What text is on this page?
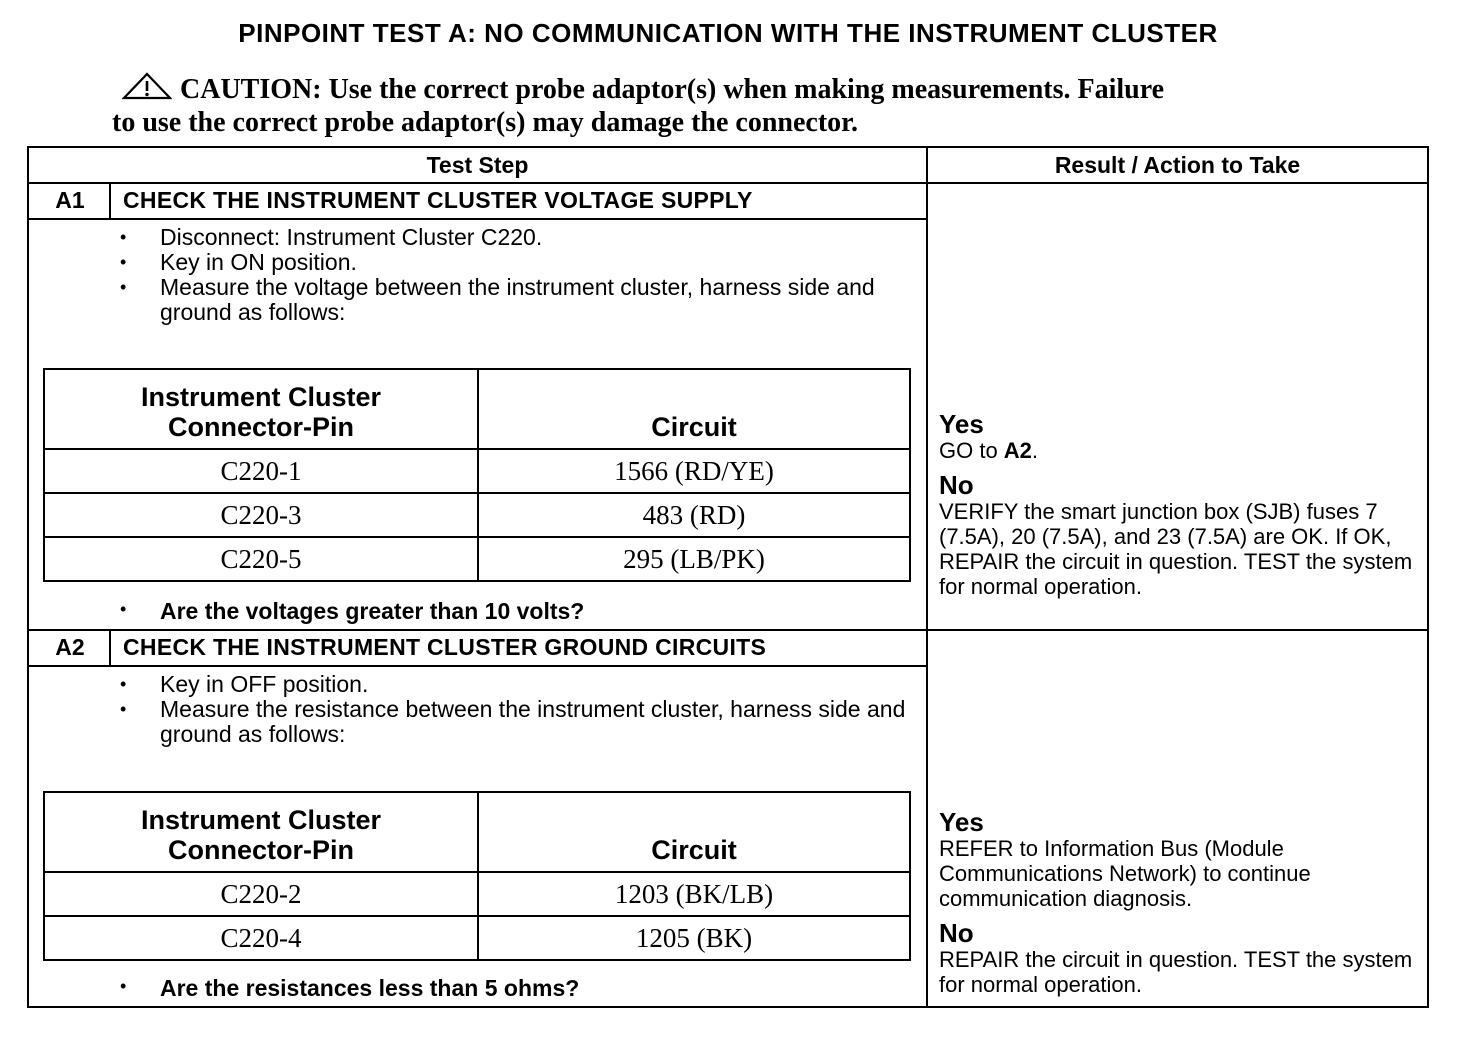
PINPOINT TEST A: NO COMMUNICATION WITH THE INSTRUMENT CLUSTER
CAUTION: Use the correct probe adaptor(s) when making measurements. Failure
to use the correct probe adaptor(s) may damage the connector.
Test Step	Result / Action to Take
A1	CHECK THE INSTRUMENT CLUSTER VOLTAGE SUPPLY
• Disconnect: Instrument Cluster C220.
• Key in ON position.
• Measure the voltage between the instrument cluster, harness side and ground as follows:
Instrument Cluster
Connector-Pin	Circuit
C220-1	1566 (RD/YE)
C220-3	483 (RD)
C220-5	295 (LB/PK)
• Are the voltages greater than 10 volts?

Yes

GO to A2.

No

VERIFY the smart junction box (SJB) fuses 7 (7.5A), 20 (7.5A), and 23 (7.5A) are OK. If OK, REPAIR the circuit in question. TEST the system for normal operation.

A2	CHECK THE INSTRUMENT CLUSTER GROUND CIRCUITS
• Key in OFF position.
• Measure the resistance between the instrument cluster, harness side and ground as follows:
Instrument Cluster
Connector-Pin	Circuit
C220-2	1203 (BK/LB)
C220-4	1205 (BK)
• Are the resistances less than 5 ohms?

Yes

REFER to Information Bus (Module Communications Network) to continue communication diagnosis.

No

REPAIR the circuit in question. TEST the system for normal operation.
